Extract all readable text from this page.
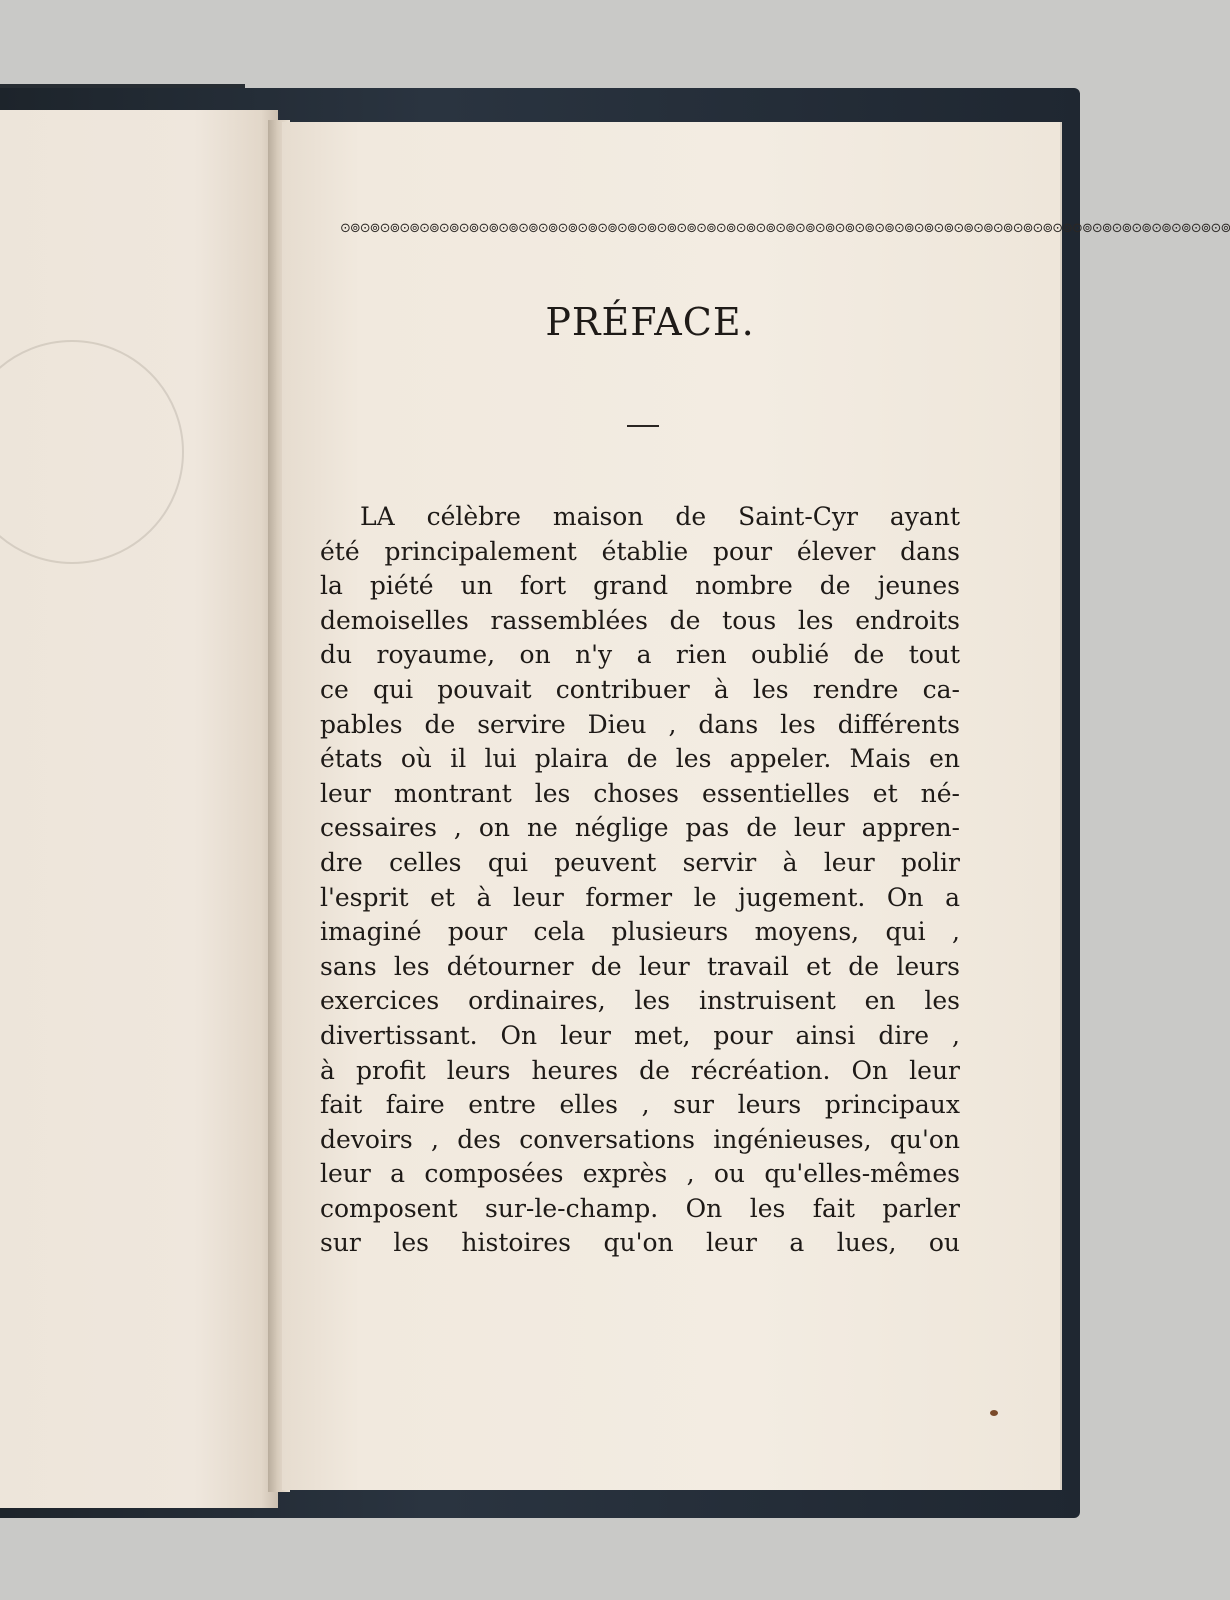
⊙⊚⊙⊚⊙⊚⊙⊚⊙⊚⊙⊚⊙⊚⊙⊚⊙⊚⊙⊚⊙⊚⊙⊚⊙⊚⊙⊚⊙⊚⊙⊚⊙⊚⊙⊚⊙⊚⊙⊚⊙⊚⊙⊚⊙⊚⊙⊚⊙⊚⊙⊚⊙⊚⊙⊚⊙⊚⊙⊚⊙⊚⊙⊚⊙⊚⊙⊚⊙⊚⊙⊚⊙⊚⊙⊚⊙⊚⊙⊚⊙⊚⊙⊚⊙⊚⊙⊚⊙⊚
PRÉFACE.
LA célèbre maison de Saint-Cyr ayant
été principalement établie pour élever dans
la piété un fort grand nombre de jeunes
demoiselles rassemblées de tous les endroits
du royaume, on n'y a rien oublié de tout
ce qui pouvait contribuer à les rendre ca-
pables de servire Dieu , dans les différents
états où il lui plaira de les appeler. Mais en
leur montrant les choses essentielles et né-
cessaires , on ne néglige pas de leur appren-
dre celles qui peuvent servir à leur polir
l'esprit et à leur former le jugement. On a
imaginé pour cela plusieurs moyens, qui ,
sans les détourner de leur travail et de leurs
exercices ordinaires, les instruisent en les
divertissant. On leur met, pour ainsi dire ,
à profit leurs heures de récréation. On leur
fait faire entre elles , sur leurs principaux
devoirs , des conversations ingénieuses, qu'on
leur a composées exprès , ou qu'elles-mêmes
composent sur-le-champ. On les fait parler
sur les histoires qu'on leur a lues, ou
